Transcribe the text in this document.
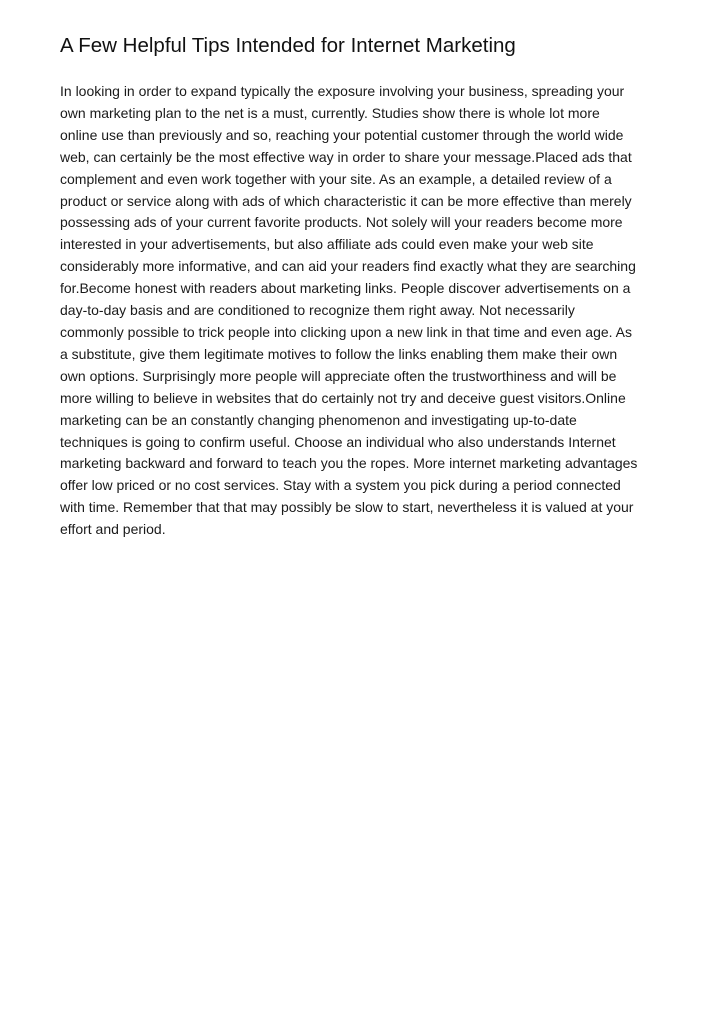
A Few Helpful Tips Intended for Internet Marketing
In looking in order to expand typically the exposure involving your business, spreading your
own marketing plan to the net is a must, currently. Studies show there is whole lot more
online use than previously and so, reaching your potential customer through the world wide
web, can certainly be the most effective way in order to share your message.Placed ads that
complement and even work together with your site. As an example, a detailed review of a
product or service along with ads of which characteristic it can be more effective than merely
possessing ads of your current favorite products. Not solely will your readers become more
interested in your advertisements, but also affiliate ads could even make your web site
considerably more informative, and can aid your readers find exactly what they are searching
for.Become honest with readers about marketing links. People discover advertisements on a
day-to-day basis and are conditioned to recognize them right away. Not necessarily
commonly possible to trick people into clicking upon a new link in that time and even age. As
a substitute, give them legitimate motives to follow the links enabling them make their own
own options. Surprisingly more people will appreciate often the trustworthiness and will be
more willing to believe in websites that do certainly not try and deceive guest visitors.Online
marketing can be an constantly changing phenomenon and investigating up-to-date
techniques is going to confirm useful. Choose an individual who also understands Internet
marketing backward and forward to teach you the ropes. More internet marketing advantages
offer low priced or no cost services. Stay with a system you pick during a period connected
with time. Remember that that may possibly be slow to start, nevertheless it is valued at your
effort and period.
